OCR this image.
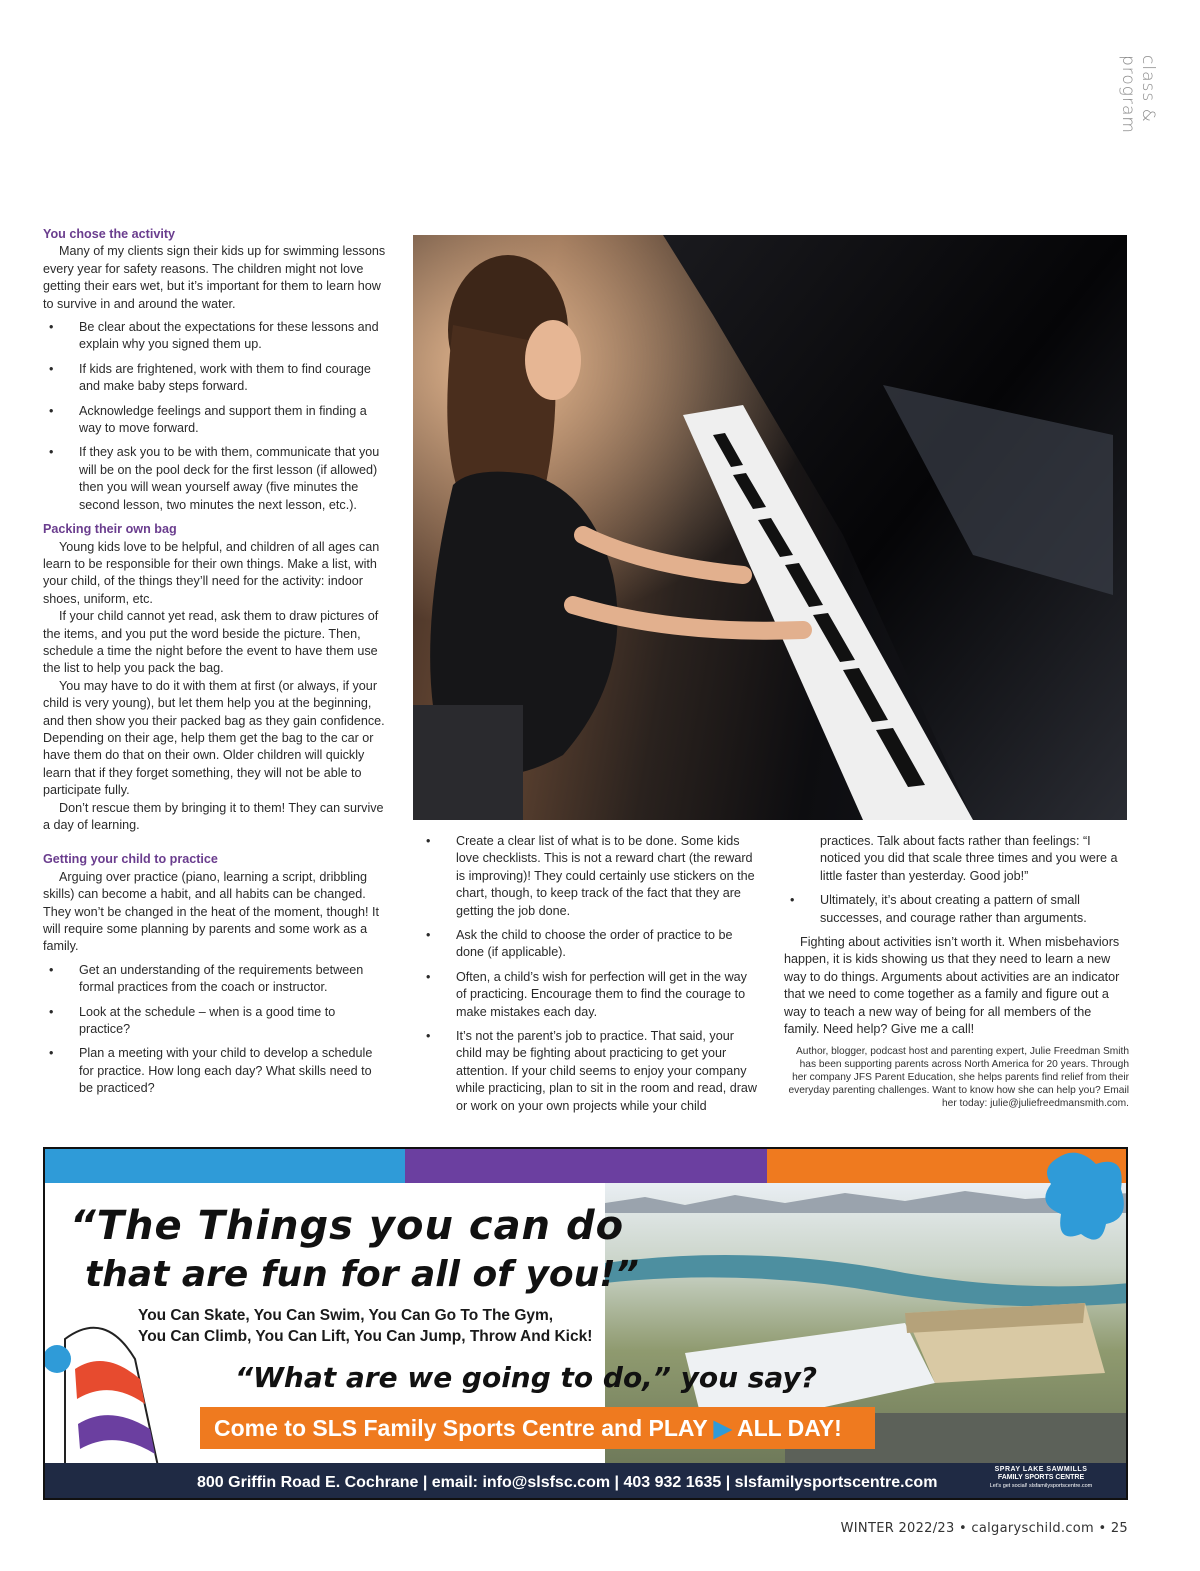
class & program
You chose the activity

Many of my clients sign their kids up for swimming lessons every year for safety reasons. The children might not love getting their ears wet, but it’s important for them to learn how to survive in and around the water.

• Be clear about the expectations for these lessons and explain why you signed them up.
• If kids are frightened, work with them to find courage and make baby steps forward.
• Acknowledge feelings and support them in finding a way to move forward.
• If they ask you to be with them, communicate that you will be on the pool deck for the first lesson (if allowed) then you will wean yourself away (five minutes the second lesson, two minutes the next lesson, etc.).
Packing their own bag

Young kids love to be helpful, and children of all ages can learn to be responsible for their own things. Make a list, with your child, of the things they’ll need for the activity: indoor shoes, uniform, etc.

If your child cannot yet read, ask them to draw pictures of the items, and you put the word beside the picture. Then, schedule a time the night before the event to have them use the list to help you pack the bag.

You may have to do it with them at first (or always, if your child is very young), but let them help you at the beginning, and then show you their packed bag as they gain confidence. Depending on their age, help them get the bag to the car or have them do that on their own. Older children will quickly learn that if they forget something, they will not be able to participate fully.

Don’t rescue them by bringing it to them! They can survive a day of learning.

Getting your child to practice

Arguing over practice (piano, learning a script, dribbling skills) can become a habit, and all habits can be changed. They won’t be changed in the heat of the moment, though! It will require some planning by parents and some work as a family.

• Get an understanding of the requirements between formal practices from the coach or instructor.
• Look at the schedule – when is a good time to practice?
• Plan a meeting with your child to develop a schedule for practice. How long each day? What skills need to be practiced?
• Create a clear list of what is to be done. Some kids love checklists. This is not a reward chart (the reward is improving)! They could certainly use stickers on the chart, though, to keep track of the fact that they are getting the job done.
• Ask the child to choose the order of practice to be done (if applicable).
• Often, a child’s wish for perfection will get in the way of practicing. Encourage them to find the courage to make mistakes each day.
• It’s not the parent’s job to practice. That said, your child may be fighting about practicing to get your attention. If your child seems to enjoy your company while practicing, plan to sit in the room and read, draw or work on your own projects while your child
practices. Talk about facts rather than feelings: “I noticed you did that scale three times and you were a little faster than yesterday. Good job!”
• Ultimately, it’s about creating a pattern of small successes, and courage rather than arguments.

Fighting about activities isn’t worth it. When misbehaviors happen, it is kids showing us that they need to learn a new way to do things. Arguments about activities are an indicator that we need to come together as a family and figure out a way to teach a new way of being for all members of the family. Need help? Give me a call!

Author, blogger, podcast host and parenting expert, Julie Freedman Smith has been supporting parents across North America for 20 years. Through her company JFS Parent Education, she helps parents find relief from their everyday parenting challenges. Want to know how she can help you? Email her today: julie@juliefreedmansmith.com.
“The Things you can do
that are fun for all of you!”
You Can Skate, You Can Swim, You Can Go To The Gym,
You Can Climb, You Can Lift, You Can Jump, Throw And Kick!
“What are we going to do,” you say?
Come to SLS Family Sports Centre and PLAY ▶ ALL DAY!
800 Griffin Road E. Cochrane | email: info@slsfsc.com | 403 932 1635 | slsfamilysportscentre.com
SPRAY LAKE SAWMILLS
FAMILY SPORTS CENTRE
Let's get social! slsfamilysportscentre.com
WINTER 2022/23 • calgaryschild.com • 25
